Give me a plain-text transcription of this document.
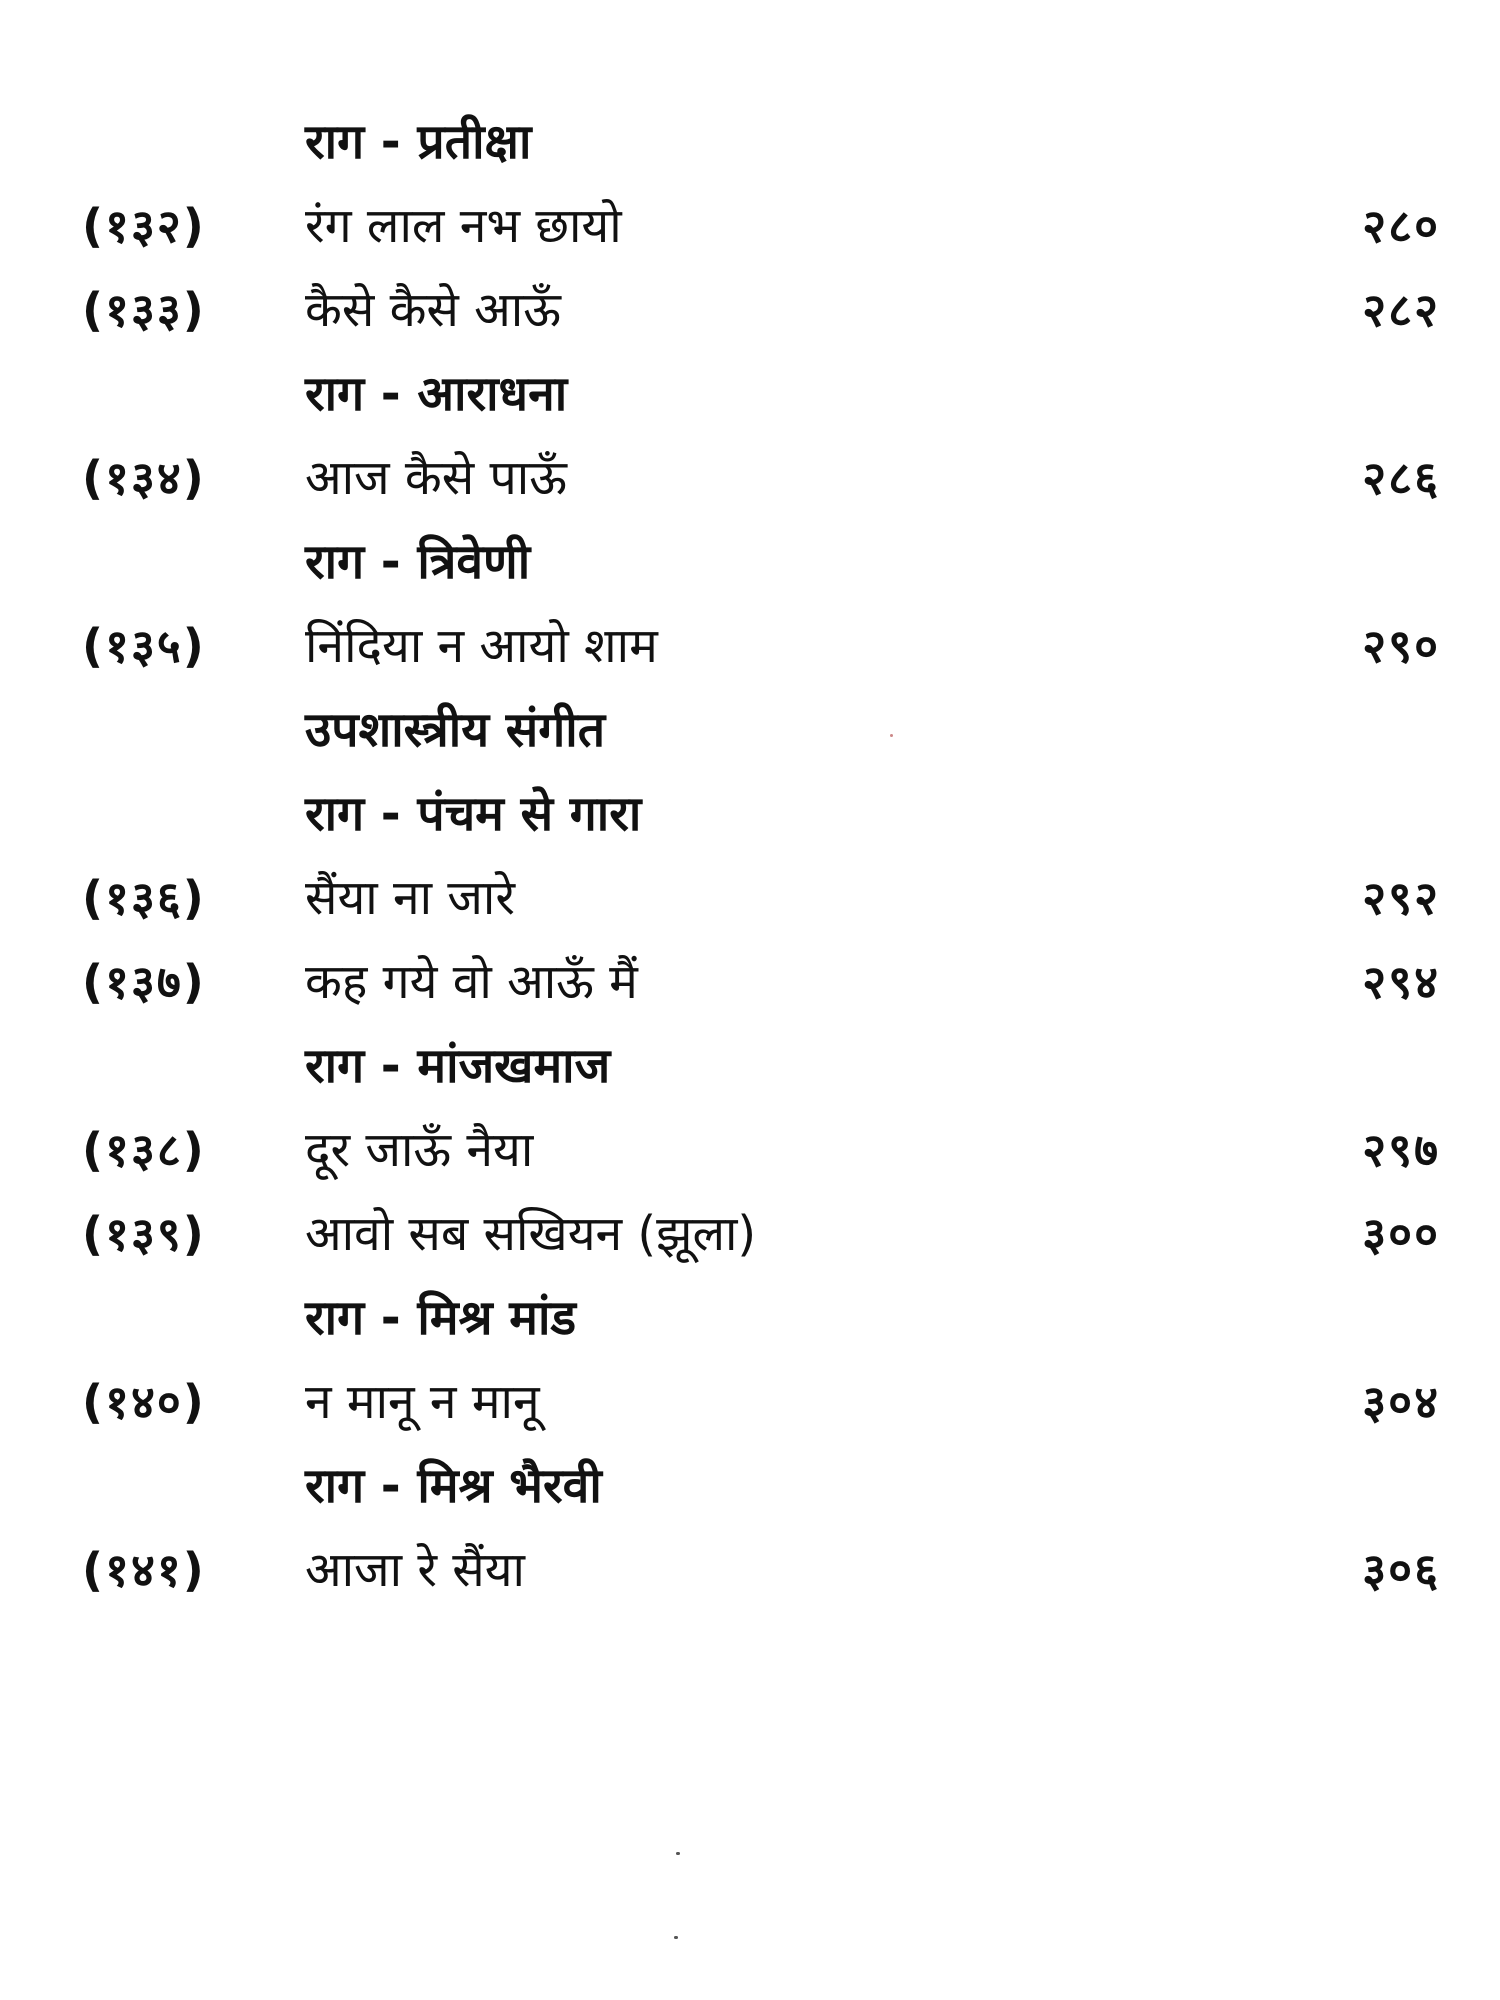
राग - प्रतीक्षा
(१३२) रंग लाल नभ छायो	२८०
(१३३) कैसे कैसे आऊँ	२८२
राग - आराधना
(१३४) आज कैसे पाऊँ	२८६
राग - त्रिवेणी
(१३५) निंदिया न आयो शाम	२९०
उपशास्त्रीय संगीत
राग - पंचम से गारा
(१३६) सैंया ना जारे	२९२
(१३७) कह गये वो आऊँ मैं	२९४
राग - मांजखमाज
(१३८) दूर जाऊँ नैया	२९७
(१३९) आवो सब सखियन (झूला)	३००
राग - मिश्र मांड
(१४०) न मानू न मानू	३०४
राग - मिश्र भैरवी
(१४१) आजा रे सैंया	३०६
